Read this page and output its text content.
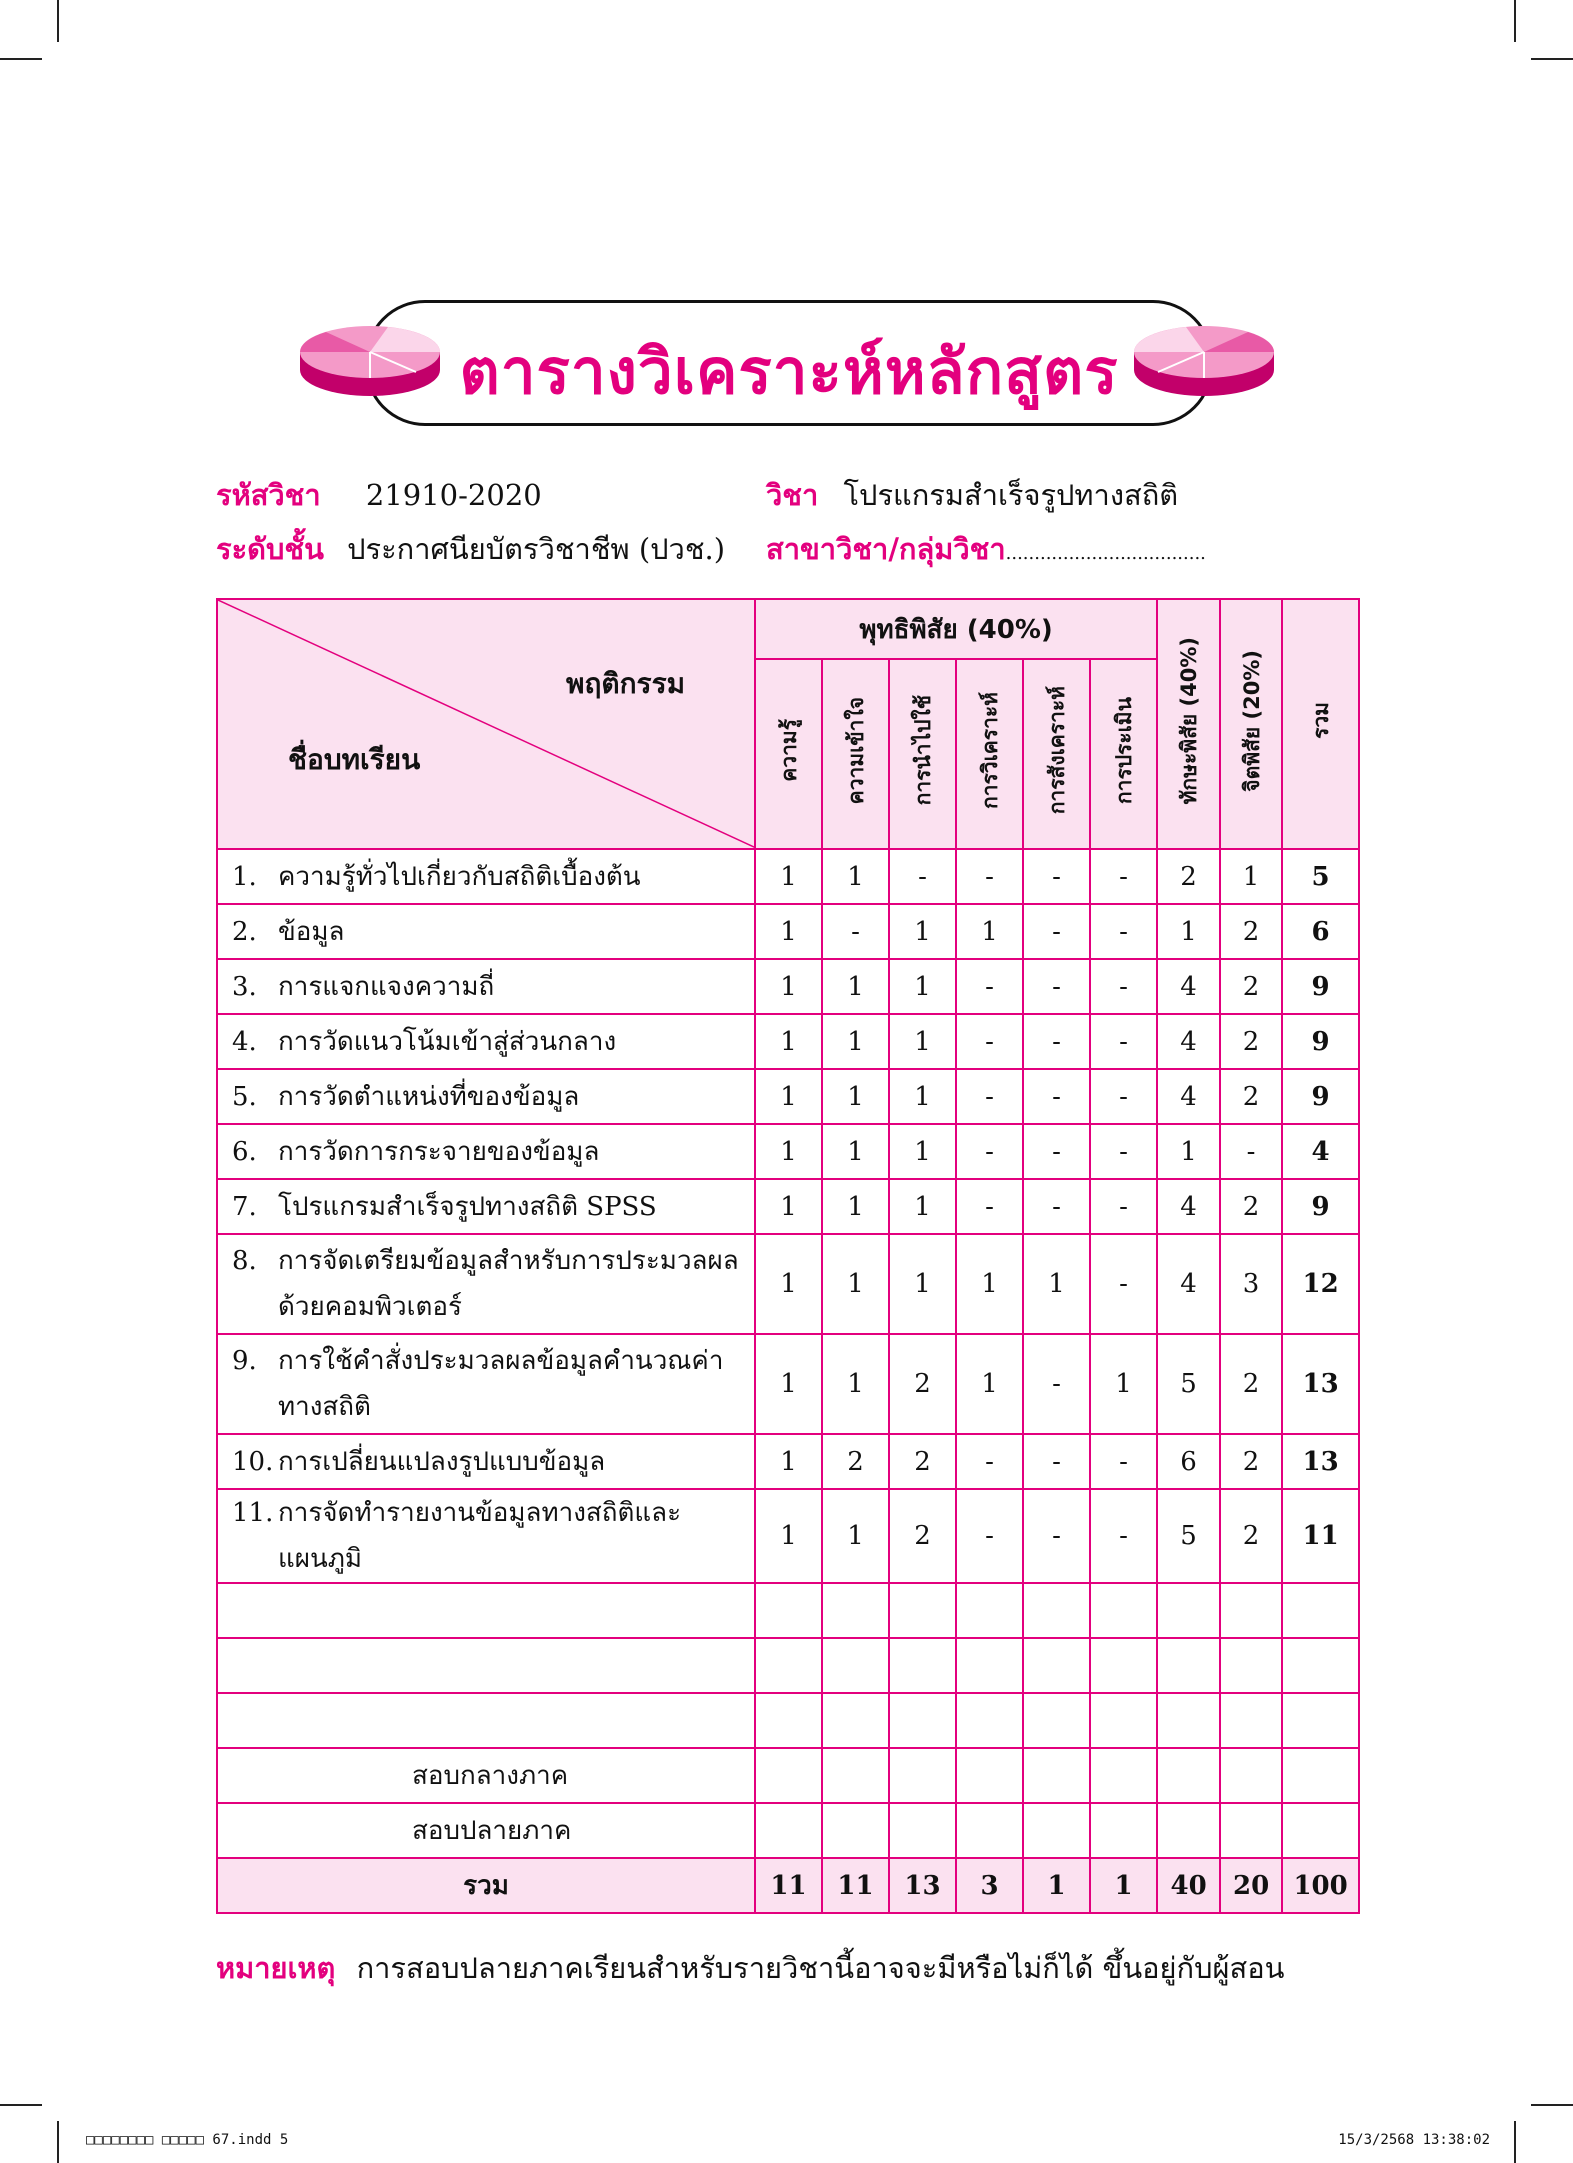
ตารางวิเคราะห์หลักสูตร
รหัสวิชา 21910-2020	วิชา โปรแกรมสำเร็จรูปทางสถิติ
ระดับชั้น ประกาศนียบัตรวิชาชีพ (ปวช.) สาขาวิชา/กลุ่มวิชา...................................
พฤติกรรม
ชื่อบทเรียน	พุทธิพิสัย (40%)						ทักษะพิสัย (40%)	จิตพิสัย (20%)	รวม
	ความรู้	ความเข้าใจ	การนำไปใช้	การวิเคราะห์	การสังเคราะห์	การประเมิน			

1. ความรู้ทั่วไปเกี่ยวกับสถิติเบื้องต้น	1	1	-	-	-	-	2	1	5

2. ข้อมูล	1	-	1	1	-	-	1	2	6

3. การแจกแจงความถี่	1	1	1	-	-	-	4	2	9

4. การวัดแนวโน้มเข้าสู่ส่วนกลาง	1	1	1	-	-	-	4	2	9

5. การวัดตำแหน่งที่ของข้อมูล	1	1	1	-	-	-	4	2	9

6. การวัดการกระจายของข้อมูล	1	1	1	-	-	-	1	-	4

7. โปรแกรมสำเร็จรูปทางสถิติ SPSS	1	1	1	-	-	-	4	2	9

8. การจัดเตรียมข้อมูลสำหรับการประมวลผล
ด้วยคอมพิวเตอร์	1	1	1	1	1	-	4	3	12

9. การใช้คำสั่งประมวลผลข้อมูลคำนวณค่า
ทางสถิติ	1	1	2	1	-	1	5	2	13

10. การเปลี่ยนแปลงรูปแบบข้อมูล	1	2	2	-	-	-	6	2	13

11. การจัดทำรายงานข้อมูลทางสถิติและแผนภูมิ	1	1	2	-	-	-	5	2	11

สอบกลางภาค									
สอบปลายภาค									
รวม	11	11	13	3	1	1	40	20	100
หมายเหตุ การสอบปลายภาคเรียนสำหรับรายวิชานี้อาจจะมีหรือไม่ก็ได้ ขึ้นอยู่กับผู้สอน
□□□□□□□□ □□□□□ 67.indd 5	15/3/2568 13:38:02
